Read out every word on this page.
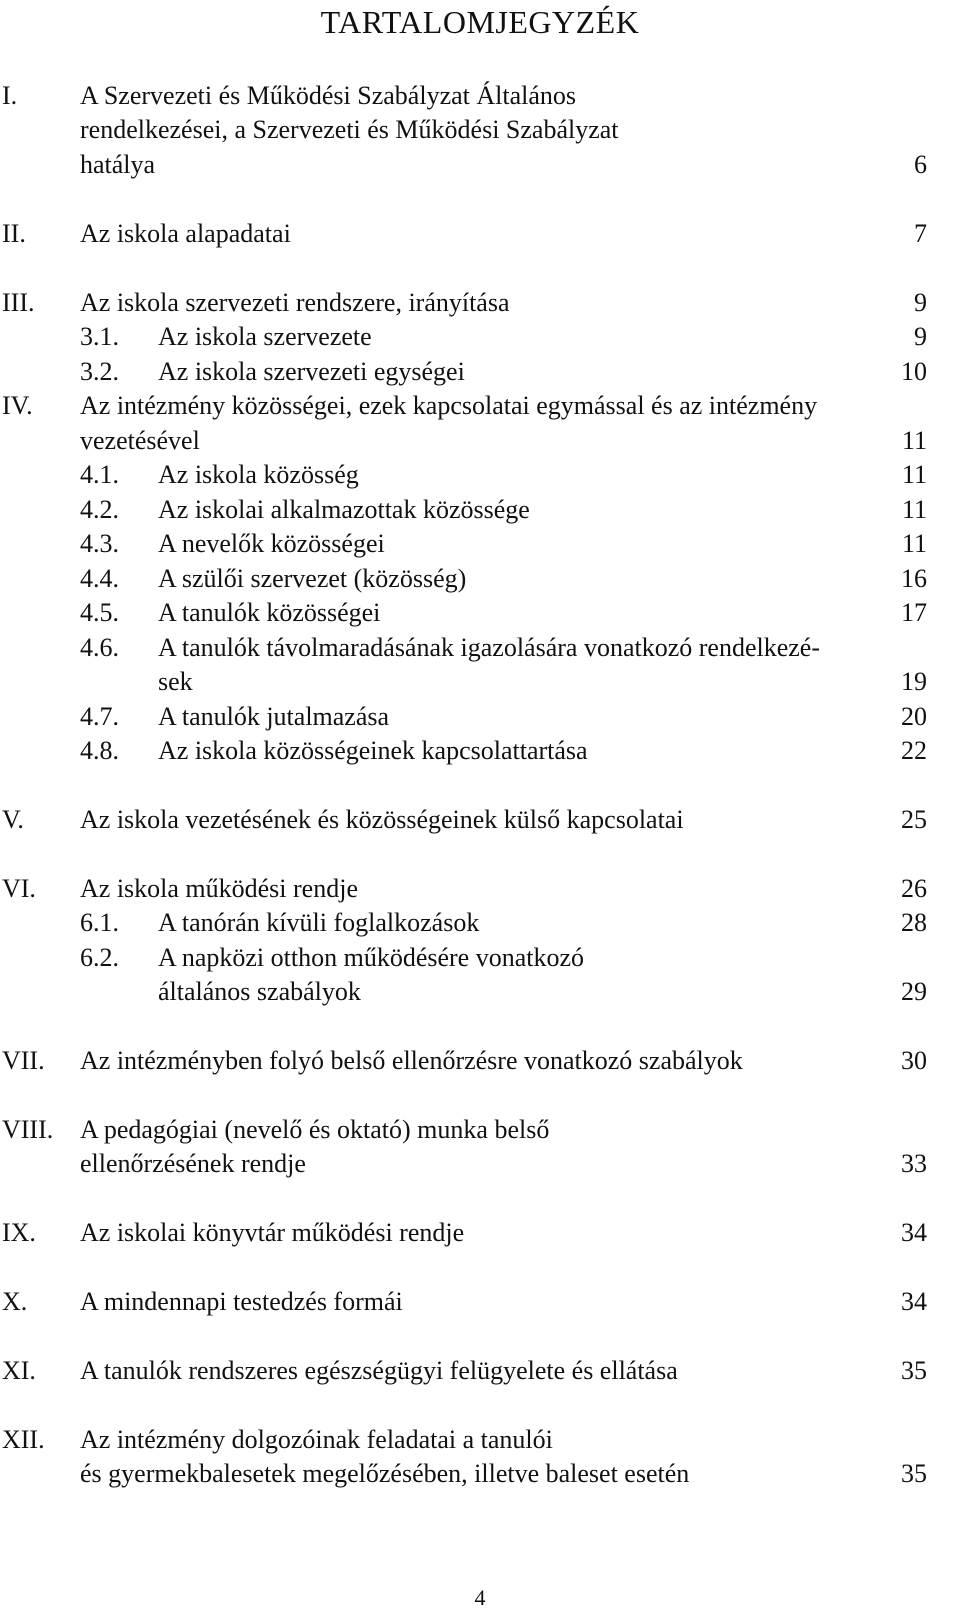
TARTALOMJEGYZÉK
I. A Szervezeti és Működési Szabályzat Általános
rendelkezései, a Szervezeti és Működési Szabályzat
hatálya	6
II. Az iskola alapadatai	7
III. Az iskola szervezeti rendszere, irányítása	9
3.1. Az iskola szervezete	9
3.2. Az iskola szervezeti egységei	10
IV. Az intézmény közösségei, ezek kapcsolatai egymással és az intézmény
vezetésével	11
4.1. Az iskola közösség	11
4.2. Az iskolai alkalmazottak közössége	11
4.3. A nevelők közösségei	11
4.4. A szülői szervezet (közösség)	16
4.5. A tanulók közösségei	17
4.6. A tanulók távolmaradásának igazolására vonatkozó rendelkezé-
sek	19
4.7. A tanulók jutalmazása	20
4.8. Az iskola közösségeinek kapcsolattartása	22
V. Az iskola vezetésének és közösségeinek külső kapcsolatai	25
VI. Az iskola működési rendje	26
6.1. A tanórán kívüli foglalkozások	28
6.2. A napközi otthon működésére vonatkozó
általános szabályok	29
VII. Az intézményben folyó belső ellenőrzésre vonatkozó szabályok	30
VIII. A pedagógiai (nevelő és oktató) munka belső
ellenőrzésének rendje	33
IX. Az iskolai könyvtár működési rendje	34
X. A mindennapi testedzés formái	34
XI. A tanulók rendszeres egészségügyi felügyelete és ellátása	35
XII. Az intézmény dolgozóinak feladatai a tanulói
és gyermekbalesetek megelőzésében, illetve baleset esetén	35
4
